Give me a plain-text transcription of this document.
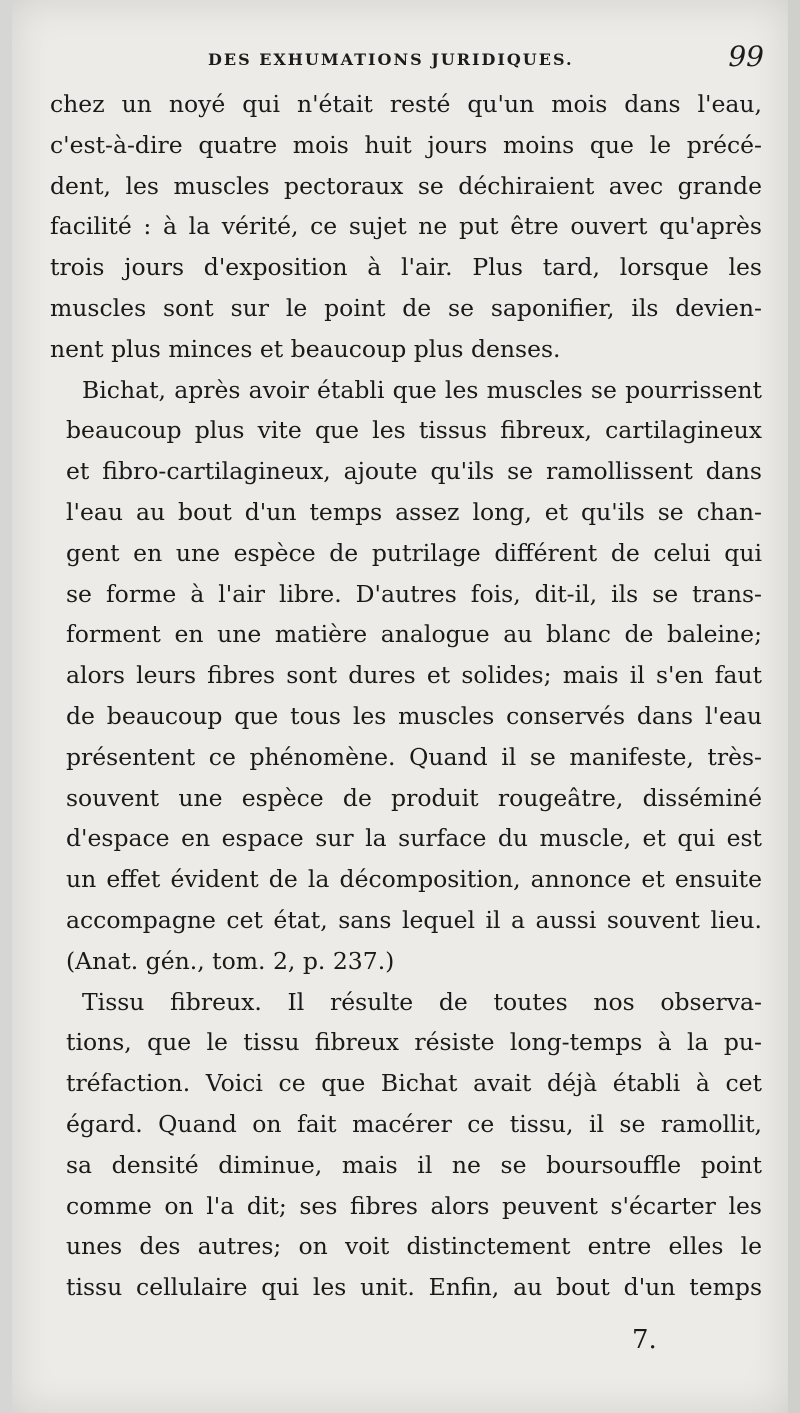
DES EXHUMATIONS JURIDIQUES.	99

chez un noyé qui n'était resté qu'un mois dans l'eau,
c'est-à-dire quatre mois huit jours moins que le précé-
dent, les muscles pectoraux se déchiraient avec grande
facilité : à la vérité, ce sujet ne put être ouvert qu'après
trois jours d'exposition à l'air. Plus tard, lorsque les
muscles sont sur le point de se saponifier, ils devien-
nent plus minces et beaucoup plus denses.

Bichat, après avoir établi que les muscles se pourrissent
beaucoup plus vite que les tissus fibreux, cartilagineux
et fibro-cartilagineux, ajoute qu'ils se ramollissent dans
l'eau au bout d'un temps assez long, et qu'ils se chan-
gent en une espèce de putrilage différent de celui qui
se forme à l'air libre. D'autres fois, dit-il, ils se trans-
forment en une matière analogue au blanc de baleine;
alors leurs fibres sont dures et solides; mais il s'en faut
de beaucoup que tous les muscles conservés dans l'eau
présentent ce phénomène. Quand il se manifeste, très-
souvent une espèce de produit rougeâtre, disséminé
d'espace en espace sur la surface du muscle, et qui est
un effet évident de la décomposition, annonce et ensuite
accompagne cet état, sans lequel il a aussi souvent lieu.
(Anat. gén., tom. 2, p. 237.)

Tissu fibreux. Il résulte de toutes nos observa-
tions, que le tissu fibreux résiste long-temps à la pu-
tréfaction. Voici ce que Bichat avait déjà établi à cet
égard. Quand on fait macérer ce tissu, il se ramollit,
sa densité diminue, mais il ne se boursouffle point
comme on l'a dit; ses fibres alors peuvent s'écarter les
unes des autres; on voit distinctement entre elles le
tissu cellulaire qui les unit. Enfin, au bout d'un temps

7.
